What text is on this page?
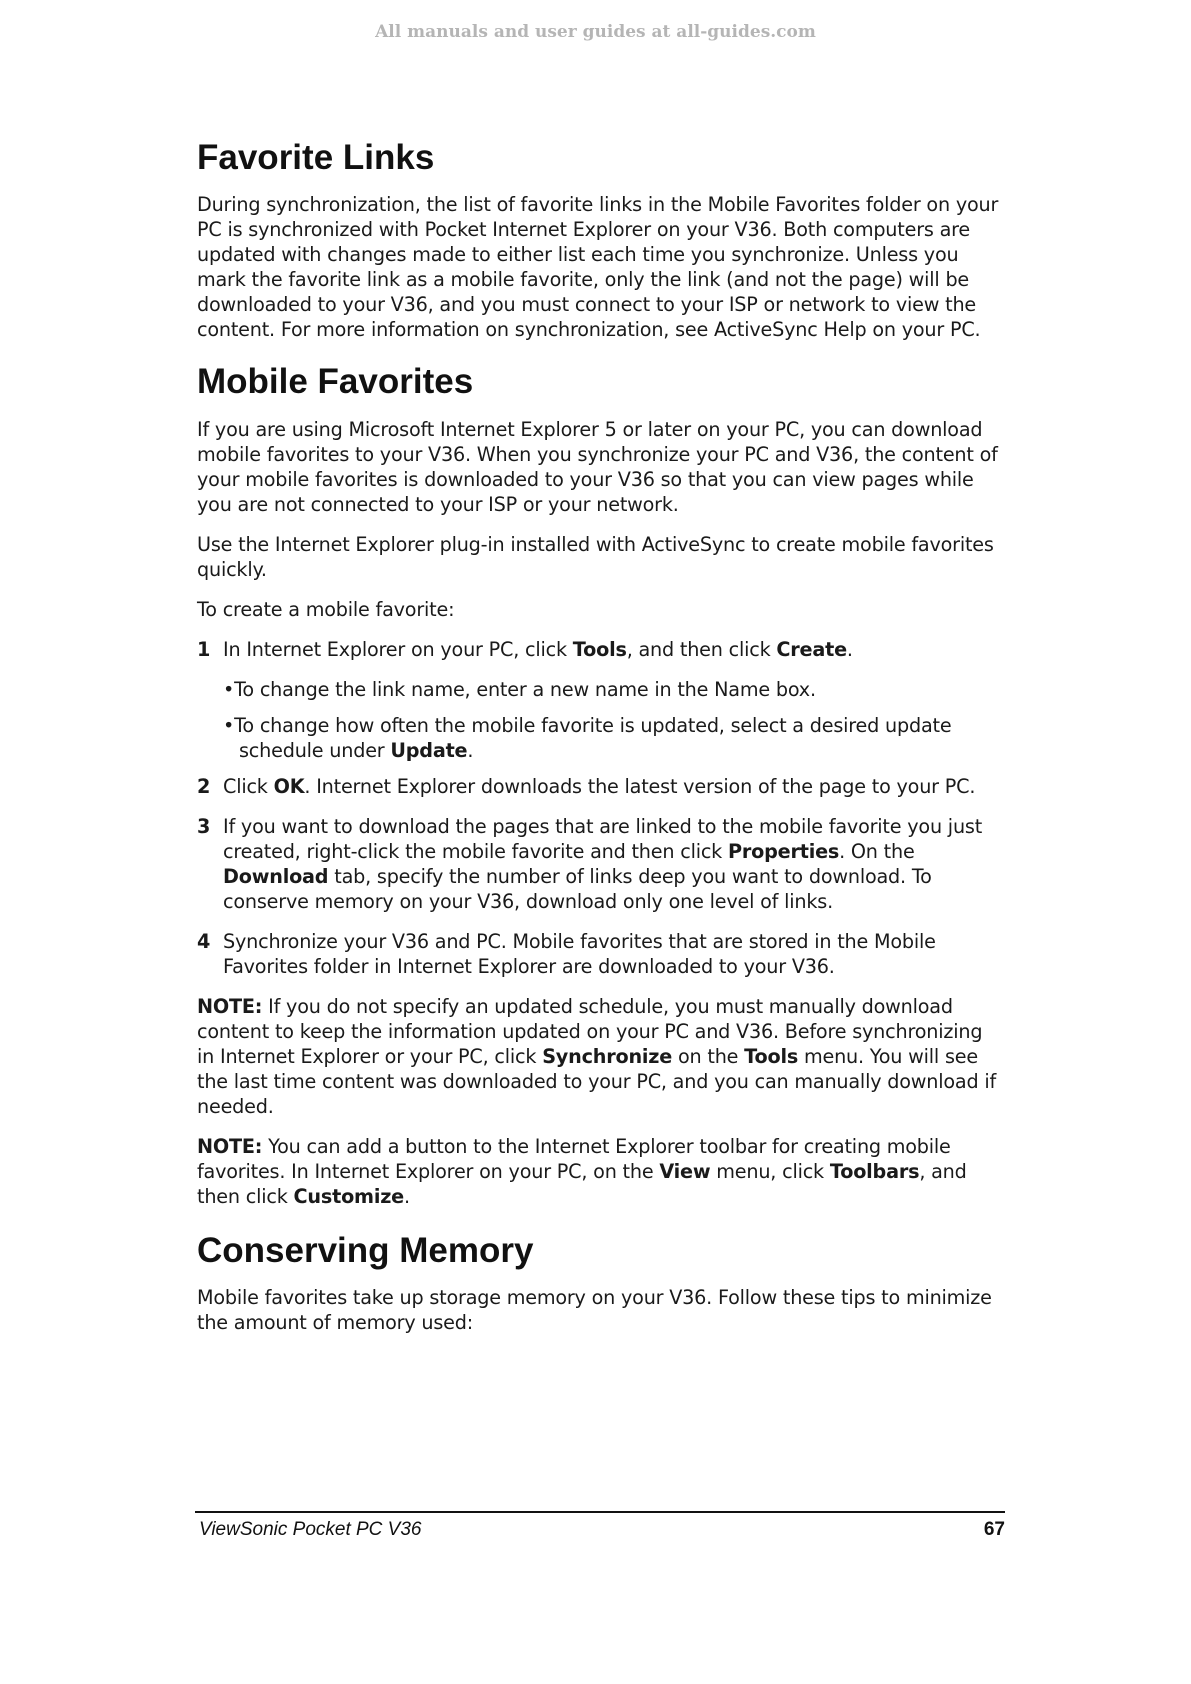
All manuals and user guides at all-guides.com
Favorite Links

During synchronization, the list of favorite links in the Mobile Favorites folder on your PC is synchronized with Pocket Internet Explorer on your V36. Both computers are updated with changes made to either list each time you synchronize. Unless you mark the favorite link as a mobile favorite, only the link (and not the page) will be downloaded to your V36, and you must connect to your ISP or network to view the content. For more information on synchronization, see ActiveSync Help on your PC.

Mobile Favorites

If you are using Microsoft Internet Explorer 5 or later on your PC, you can download mobile favorites to your V36. When you synchronize your PC and V36, the content of your mobile favorites is downloaded to your V36 so that you can view pages while you are not connected to your ISP or your network.

Use the Internet Explorer plug-in installed with ActiveSync to create mobile favorites quickly.

To create a mobile favorite:

1 In Internet Explorer on your PC, click Tools, and then click Create.
•To change the link name, enter a new name in the Name box.
•To change how often the mobile favorite is updated, select a desired update schedule under Update.
2 Click OK. Internet Explorer downloads the latest version of the page to your PC.
3 If you want to download the pages that are linked to the mobile favorite you just created, right-click the mobile favorite and then click Properties. On the Download tab, specify the number of links deep you want to download. To conserve memory on your V36, download only one level of links.
4 Synchronize your V36 and PC. Mobile favorites that are stored in the Mobile Favorites folder in Internet Explorer are downloaded to your V36.

NOTE: If you do not specify an updated schedule, you must manually download content to keep the information updated on your PC and V36. Before synchronizing in Internet Explorer or your PC, click Synchronize on the Tools menu. You will see the last time content was downloaded to your PC, and you can manually download if needed.

NOTE: You can add a button to the Internet Explorer toolbar for creating mobile favorites. In Internet Explorer on your PC, on the View menu, click Toolbars, and then click Customize.

Conserving Memory

Mobile favorites take up storage memory on your V36. Follow these tips to minimize the amount of memory used:

ViewSonic Pocket PC V36	67
